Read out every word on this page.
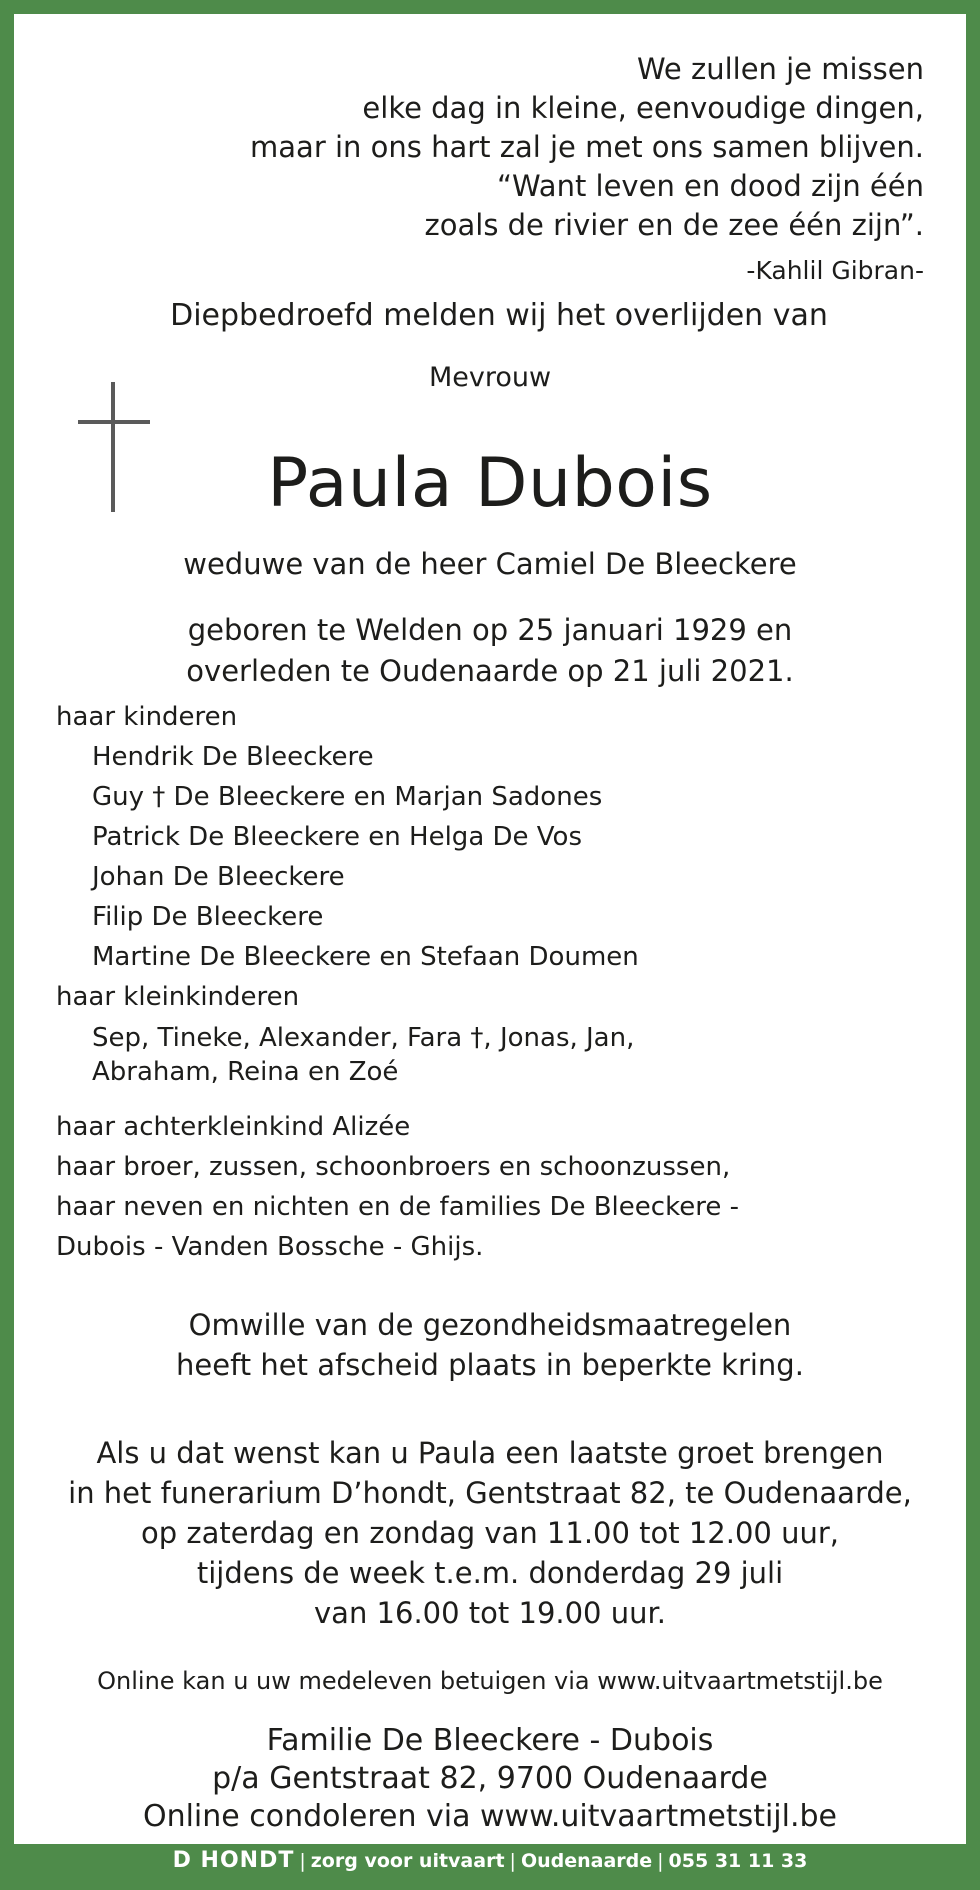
We zullen je missen
elke dag in kleine, eenvoudige dingen,
maar in ons hart zal je met ons samen blijven.
“Want leven en dood zijn één
zoals de rivier en de zee één zijn”.
-Kahlil Gibran-
Diepbedroefd melden wij het overlijden van
Mevrouw
Paula Dubois
weduwe van de heer Camiel De Bleeckere
geboren te Welden op 25 januari 1929 en
overleden te Oudenaarde op 21 juli 2021.
haar kinderen
Hendrik De Bleeckere
Guy † De Bleeckere en Marjan Sadones
Patrick De Bleeckere en Helga De Vos
Johan De Bleeckere
Filip De Bleeckere
Martine De Bleeckere en Stefaan Doumen
haar kleinkinderen
Sep, Tineke, Alexander, Fara †, Jonas, Jan,
Abraham, Reina en Zoé
haar achterkleinkind Alizée
haar broer, zussen, schoonbroers en schoonzussen,
haar neven en nichten en de families De Bleeckere -
Dubois - Vanden Bossche - Ghijs.
Omwille van de gezondheidsmaatregelen
heeft het afscheid plaats in beperkte kring.
Als u dat wenst kan u Paula een laatste groet brengen
in het funerarium D’hondt, Gentstraat 82, te Oudenaarde,
op zaterdag en zondag van 11.00 tot 12.00 uur,
tijdens de week t.e.m. donderdag 29 juli
van 16.00 tot 19.00 uur.
Online kan u uw medeleven betuigen via www.uitvaartmetstijl.be
Familie De Bleeckere - Dubois
p/a Gentstraat 82, 9700 Oudenaarde
Online condoleren via www.uitvaartmetstijl.be
D HONDT | zorg voor uitvaart | Oudenaarde | 055 31 11 33
